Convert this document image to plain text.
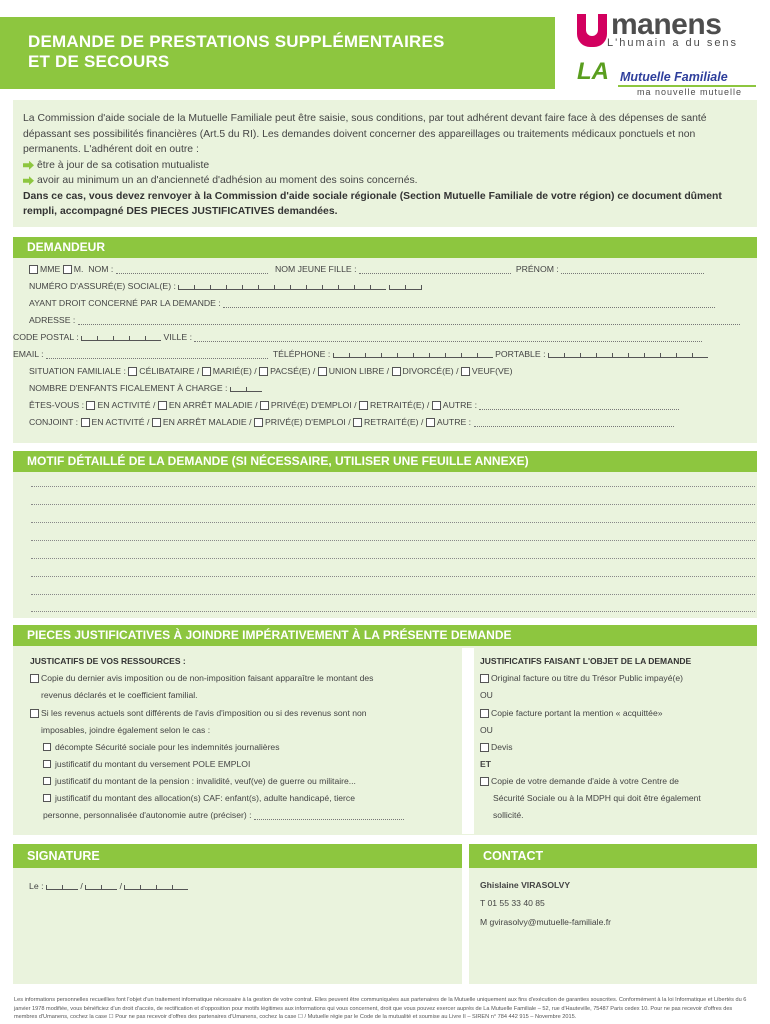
DEMANDE DE PRESTATIONS SUPPLÉMENTAIRES
ET DE SECOURS
manens
L'humain a du sens
LA Mutuelle Familiale
ma nouvelle mutuelle

La Commission d'aide sociale de la Mutuelle Familiale peut être saisie, sous conditions, par tout adhérent devant faire face à des dépenses de santé dépassant ses possibilités financières (Art.5 du RI). Les demandes doivent concerner des appareillages ou traitements médicaux ponctuels et non permanents. L'adhérent doit en outre :

être à jour de sa cotisation mutualiste

avoir au minimum un an d'ancienneté d'adhésion au moment des soins concernés.

Dans ce cas, vous devez renvoyer à la Commission d'aide sociale régionale (Section Mutuelle Familiale de votre région) ce document dûment rempli, accompagné DES PIECES JUSTIFICATIVES demandées.

DEMANDEUR
MME
M.
NOM :

	NOM JEUNE FILLE :

	PRÉNOM :

NUMÉRO D'ASSURÉ(E) SOCIAL(E) :

AYANT DROIT CONCERNÉ PAR LA DEMANDE :

ADRESSE :

CODE POSTAL :

	VILLE :

EMAIL :

	TÉLÉPHONE :

	PORTABLE :

SITUATION FAMILIALE :
CÉLIBATAIRE /
MARIÉ(E) /
PACSÉ(E) /
UNION LIBRE /
DIVORCÉ(E) /
VEUF(VE)
NOMBRE D'ENFANTS FICALEMENT À CHARGE :

ÊTES-VOUS :
EN ACTIVITÉ /
EN ARRÊT MALADIE /
PRIVÉ(E) D'EMPLOI /
RETRAITÉ(E) /
AUTRE :

CONJOINT :
EN ACTIVITÉ /
EN ARRÊT MALADIE /
PRIVÉ(E) D'EMPLOI /
RETRAITÉ(E) /
AUTRE :

MOTIF DÉTAILLÉ DE LA DEMANDE (SI NÉCESSAIRE, UTILISER UNE FEUILLE ANNEXE)
PIECES JUSTIFICATIVES À JOINDRE IMPÉRATIVEMENT À LA PRÉSENTE DEMANDE
JUSTICATIFS DE VOS RESSOURCES :
Copie du dernier avis imposition ou de non-imposition faisant apparaître le montant des
revenus déclarés et le coefficient familial.
Si les revenus actuels sont différents de l'avis d'imposition ou si des revenus sont non
imposables, joindre également selon le cas :
décompte Sécurité sociale pour les indemnités journalières
justificatif du montant du versement POLE EMPLOI
justificatif du montant de la pension : invalidité, veuf(ve) de guerre ou militaire...
justificatif du montant des allocation(s) CAF: enfant(s), adulte handicapé, tierce
personne, personnalisée d'autonomie autre (préciser) :

JUSTIFICATIFS FAISANT L'OBJET DE LA DEMANDE
Original facture ou titre du Trésor Public impayé(e)
OU
Copie facture portant la mention « acquittée»
OU
Devis
ET
Copie de votre demande d'aide à votre Centre de
Sécurité Sociale ou à la MDPH qui doit être également
sollicité.
SIGNATURE
Le :
	/	/
CONTACT
Ghislaine VIRASOLVY
T 01 55 33 40 85
M gvirasolvy@mutuelle-familiale.fr
Les informations personnelles recueillies font l'objet d'un traitement informatique nécessaire à la gestion de votre contrat. Elles peuvent être communiquées aux partenaires de la Mutuelle uniquement aux fins d'exécution de garanties souscrites. Conformément à la loi Informatique et Libertés du 6 janvier 1978 modifiée, vous bénéficiez d'un droit d'accès, de rectification et d'opposition pour motifs légitimes aux informations qui vous concernent, droit que vous pouvez exercer auprès de La Mutuelle Familiale – 52, rue d'Hauteville, 75487 Paris cedex 10. Pour ne pas recevoir d'offres des membres d'Umanens, cochez la case ☐ Pour ne pas recevoir d'offres des partenaires d'Umanens, cochez la case ☐ / Mutuelle régie par le Code de la mutualité et soumise au Livre II – SIREN n° 784 442 915 – Novembre 2015.
